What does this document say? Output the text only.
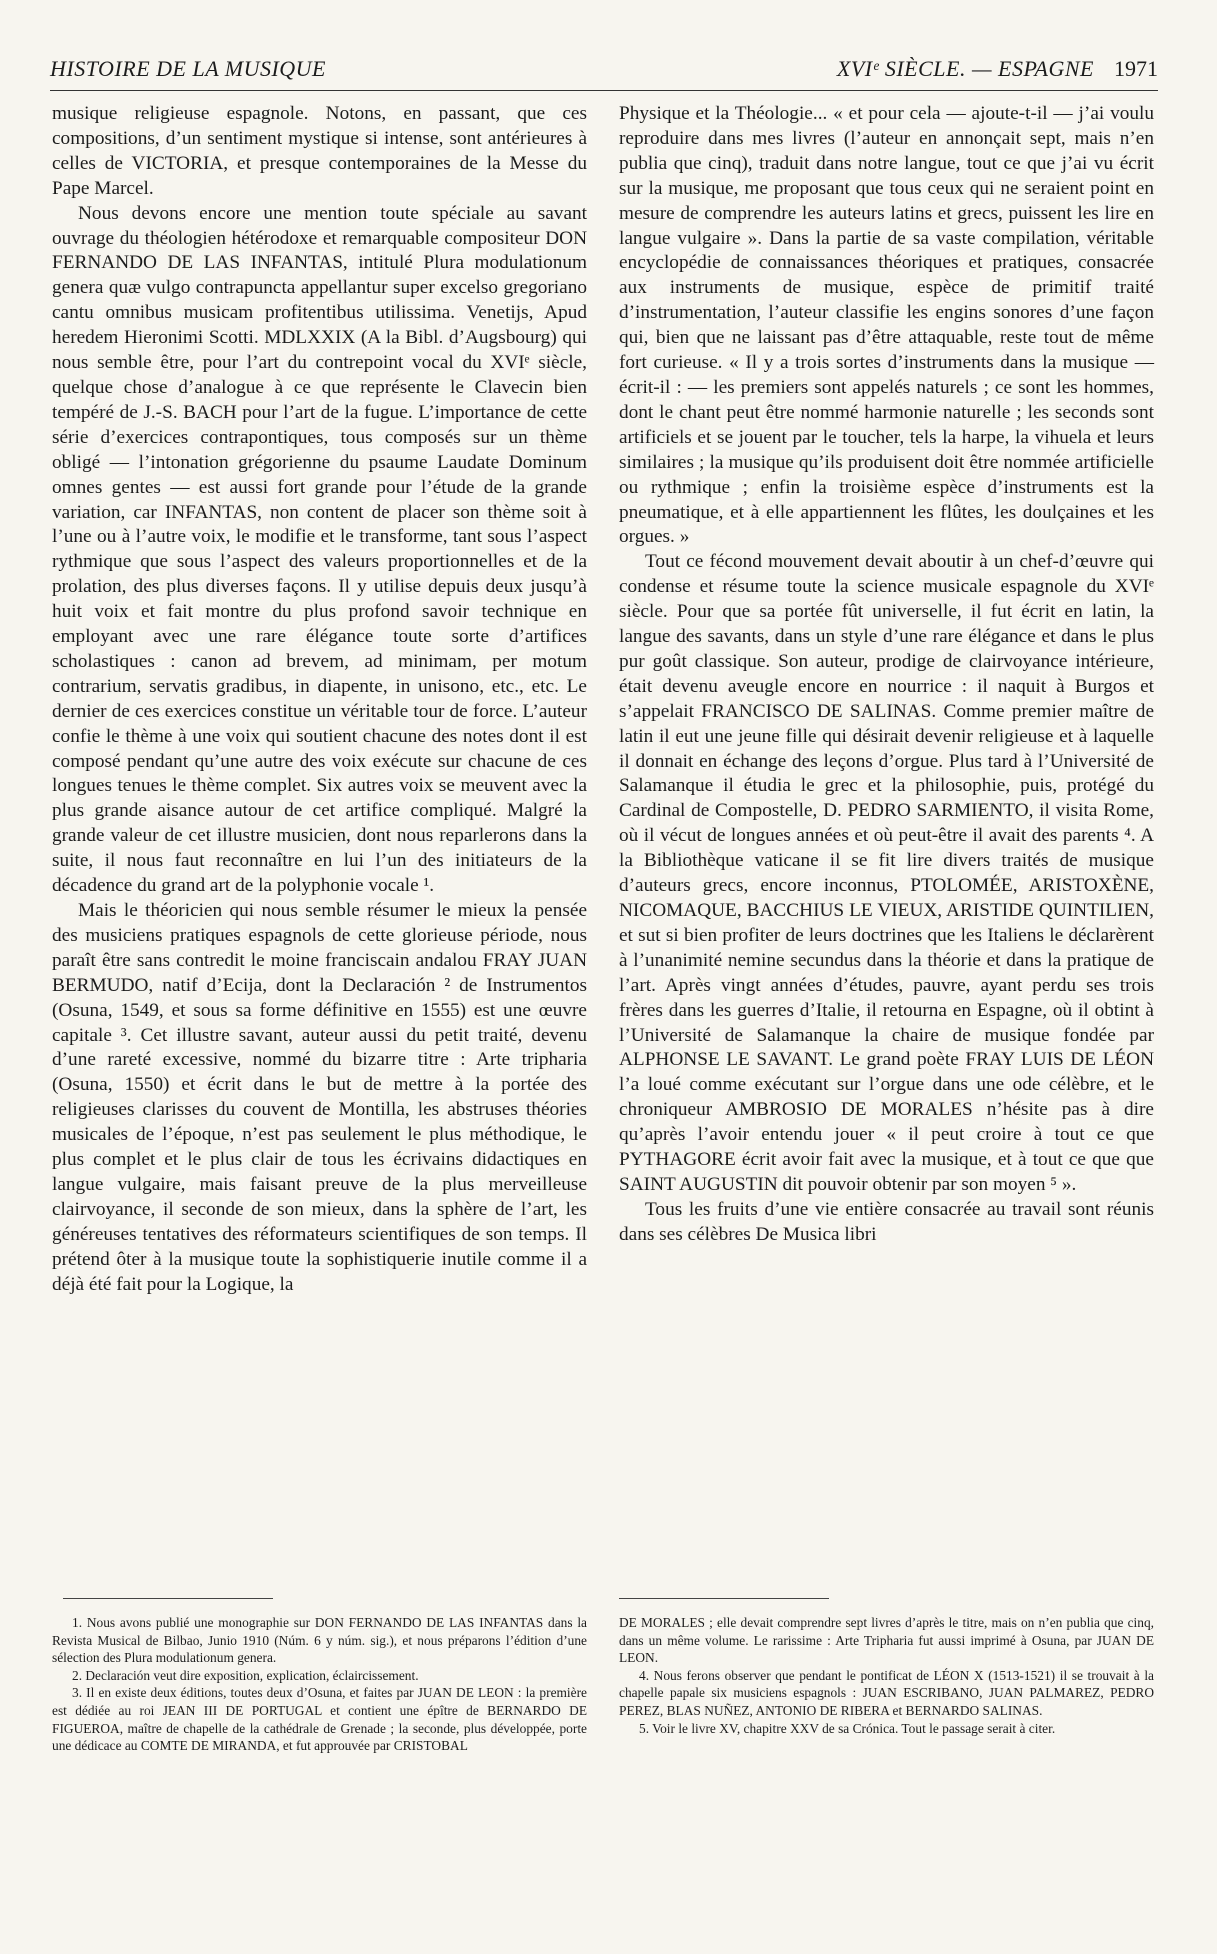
HISTOIRE DE LA MUSIQUE	XVIᵉ SIÈCLE. — ESPAGNE 1971

musique religieuse espagnole. Notons, en passant, que ces compositions, d’un sentiment mystique si intense, sont antérieures à celles de VICTORIA, et presque contemporaines de la Messe du Pape Marcel.

Nous devons encore une mention toute spéciale au savant ouvrage du théologien hétérodoxe et remarquable compositeur DON FERNANDO DE LAS INFANTAS, intitulé Plura modulationum genera quæ vulgo contrapuncta appellantur super excelso gregoriano cantu omnibus musicam profitentibus utilissima. Venetijs, Apud heredem Hieronimi Scotti. MDLXXIX (A la Bibl. d’Augsbourg) qui nous semble être, pour l’art du contrepoint vocal du XVIᵉ siècle, quelque chose d’analogue à ce que représente le Clavecin bien tempéré de J.-S. BACH pour l’art de la fugue. L’importance de cette série d’exercices contrapontiques, tous composés sur un thème obligé — l’intonation grégorienne du psaume Laudate Dominum omnes gentes — est aussi fort grande pour l’étude de la grande variation, car INFANTAS, non content de placer son thème soit à l’une ou à l’autre voix, le modifie et le transforme, tant sous l’aspect rythmique que sous l’aspect des valeurs proportionnelles et de la prolation, des plus diverses façons. Il y utilise depuis deux jusqu’à huit voix et fait montre du plus profond savoir technique en employant avec une rare élégance toute sorte d’artifices scholastiques : canon ad brevem, ad minimam, per motum contrarium, servatis gradibus, in diapente, in unisono, etc., etc. Le dernier de ces exercices constitue un véritable tour de force. L’auteur confie le thème à une voix qui soutient chacune des notes dont il est composé pendant qu’une autre des voix exécute sur chacune de ces longues tenues le thème complet. Six autres voix se meuvent avec la plus grande aisance autour de cet artifice compliqué. Malgré la grande valeur de cet illustre musicien, dont nous reparlerons dans la suite, il nous faut reconnaître en lui l’un des initiateurs de la décadence du grand art de la polyphonie vocale ¹.

Mais le théoricien qui nous semble résumer le mieux la pensée des musiciens pratiques espagnols de cette glorieuse période, nous paraît être sans contredit le moine franciscain andalou FRAY JUAN BERMUDO, natif d’Ecija, dont la Declaración ² de Instrumentos (Osuna, 1549, et sous sa forme définitive en 1555) est une œuvre capitale ³. Cet illustre savant, auteur aussi du petit traité, devenu d’une rareté excessive, nommé du bizarre titre : Arte tripharia (Osuna, 1550) et écrit dans le but de mettre à la portée des religieuses clarisses du couvent de Montilla, les abstruses théories musicales de l’époque, n’est pas seulement le plus méthodique, le plus complet et le plus clair de tous les écrivains didactiques en langue vulgaire, mais faisant preuve de la plus merveilleuse clairvoyance, il seconde de son mieux, dans la sphère de l’art, les généreuses tentatives des réformateurs scientifiques de son temps. Il prétend ôter à la musique toute la sophistiquerie inutile comme il a déjà été fait pour la Logique, la

Physique et la Théologie... « et pour cela — ajoute-t-il — j’ai voulu reproduire dans mes livres (l’auteur en annonçait sept, mais n’en publia que cinq), traduit dans notre langue, tout ce que j’ai vu écrit sur la musique, me proposant que tous ceux qui ne seraient point en mesure de comprendre les auteurs latins et grecs, puissent les lire en langue vulgaire ». Dans la partie de sa vaste compilation, véritable encyclopédie de connaissances théoriques et pratiques, consacrée aux instruments de musique, espèce de primitif traité d’instrumentation, l’auteur classifie les engins sonores d’une façon qui, bien que ne laissant pas d’être attaquable, reste tout de même fort curieuse. « Il y a trois sortes d’instruments dans la musique — écrit-il : — les premiers sont appelés naturels ; ce sont les hommes, dont le chant peut être nommé harmonie naturelle ; les seconds sont artificiels et se jouent par le toucher, tels la harpe, la vihuela et leurs similaires ; la musique qu’ils produisent doit être nommée artificielle ou rythmique ; enfin la troisième espèce d’instruments est la pneumatique, et à elle appartiennent les flûtes, les doulçaines et les orgues. »

Tout ce fécond mouvement devait aboutir à un chef-d’œuvre qui condense et résume toute la science musicale espagnole du XVIᵉ siècle. Pour que sa portée fût universelle, il fut écrit en latin, la langue des savants, dans un style d’une rare élégance et dans le plus pur goût classique. Son auteur, prodige de clairvoyance intérieure, était devenu aveugle encore en nourrice : il naquit à Burgos et s’appelait FRANCISCO DE SALINAS. Comme premier maître de latin il eut une jeune fille qui désirait devenir religieuse et à laquelle il donnait en échange des leçons d’orgue. Plus tard à l’Université de Salamanque il étudia le grec et la philosophie, puis, protégé du Cardinal de Compostelle, D. PEDRO SARMIENTO, il visita Rome, où il vécut de longues années et où peut-être il avait des parents ⁴. A la Bibliothèque vaticane il se fit lire divers traités de musique d’auteurs grecs, encore inconnus, PTOLOMÉE, ARISTOXÈNE, NICOMAQUE, BACCHIUS LE VIEUX, ARISTIDE QUINTILIEN, et sut si bien profiter de leurs doctrines que les Italiens le déclarèrent à l’unanimité nemine secundus dans la théorie et dans la pratique de l’art. Après vingt années d’études, pauvre, ayant perdu ses trois frères dans les guerres d’Italie, il retourna en Espagne, où il obtint à l’Université de Salamanque la chaire de musique fondée par ALPHONSE LE SAVANT. Le grand poète FRAY LUIS DE LÉON l’a loué comme exécutant sur l’orgue dans une ode célèbre, et le chroniqueur AMBROSIO DE MORALES n’hésite pas à dire qu’après l’avoir entendu jouer « il peut croire à tout ce que PYTHAGORE écrit avoir fait avec la musique, et à tout ce que que SAINT AUGUSTIN dit pouvoir obtenir par son moyen ⁵ ».

Tous les fruits d’une vie entière consacrée au travail sont réunis dans ses célèbres De Musica libri

1. Nous avons publié une monographie sur DON FERNANDO DE LAS INFANTAS dans la Revista Musical de Bilbao, Junio 1910 (Núm. 6 y núm. sig.), et nous préparons l’édition d’une sélection des Plura modulationum genera.

2. Declaración veut dire exposition, explication, éclaircissement.

3. Il en existe deux éditions, toutes deux d’Osuna, et faites par JUAN DE LEON : la première est dédiée au roi JEAN III DE PORTUGAL et contient une épître de BERNARDO DE FIGUEROA, maître de chapelle de la cathédrale de Grenade ; la seconde, plus développée, porte une dédicace au COMTE DE MIRANDA, et fut approuvée par CRISTOBAL

DE MORALES ; elle devait comprendre sept livres d’après le titre, mais on n’en publia que cinq, dans un même volume. Le rarissime : Arte Tripharia fut aussi imprimé à Osuna, par JUAN DE LEON.

4. Nous ferons observer que pendant le pontificat de LÉON X (1513-1521) il se trouvait à la chapelle papale six musiciens espagnols : JUAN ESCRIBANO, JUAN PALMAREZ, PEDRO PEREZ, BLAS NUÑEZ, ANTONIO DE RIBERA et BERNARDO SALINAS.

5. Voir le livre XV, chapitre XXV de sa Crónica. Tout le passage serait à citer.
